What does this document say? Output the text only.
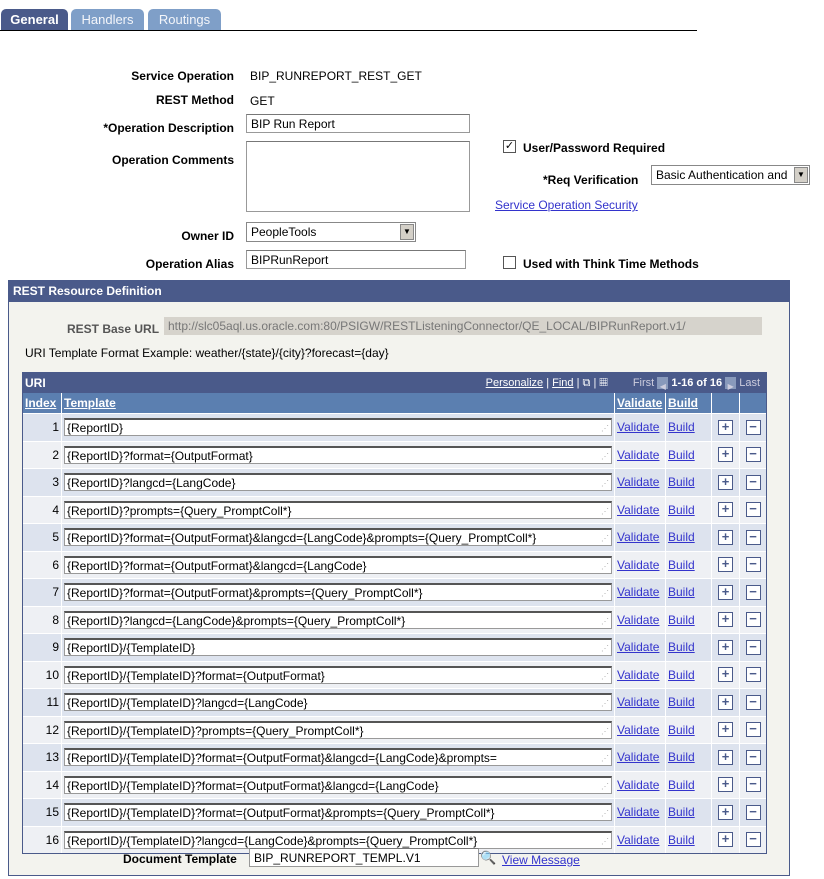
General	Handlers	Routings
Service Operation BIP_RUNREPORT_REST_GET
REST Method GET
*Operation Description	BIP Run Report
Operation Comments
Owner ID	PeopleTools	▼
Operation Alias	BIPRunReport
✓ User/Password Required
*Req Verification	Basic Authentication and	▼
Service Operation Security
Used with Think Time Methods
REST Resource Definition
REST Base URL http://slc05aql.us.oracle.com:80/PSIGW/RESTListeningConnector/QE_LOCAL/BIPRunReport.v1/
URI Template Format Example: weather/{state}/{city}?forecast={day}
URI	Personalize | Find | ⧉ | ▦ First ◀ 1-16 of 16 ▶ Last
Index	Template	Validate	Build		
1	{ReportID} ⋰	Validate	Build	+	−
2	{ReportID}?format={OutputFormat} ⋰	Validate	Build	+	−
3	{ReportID}?langcd={LangCode} ⋰	Validate	Build	+	−
4	{ReportID}?prompts={Query_PromptColl*} ⋰	Validate	Build	+	−
5	{ReportID}?format={OutputFormat}&langcd={LangCode}&prompts={Query_PromptColl*} ⋰	Validate	Build	+	−
6	{ReportID}?format={OutputFormat}&langcd={LangCode} ⋰	Validate	Build	+	−
7	{ReportID}?format={OutputFormat}&prompts={Query_PromptColl*} ⋰	Validate	Build	+	−
8	{ReportID}?langcd={LangCode}&prompts={Query_PromptColl*} ⋰	Validate	Build	+	−
9	{ReportID}/{TemplateID} ⋰	Validate	Build	+	−
10	{ReportID}/{TemplateID}?format={OutputFormat} ⋰	Validate	Build	+	−
11	{ReportID}/{TemplateID}?langcd={LangCode} ⋰	Validate	Build	+	−
12	{ReportID}/{TemplateID}?prompts={Query_PromptColl*} ⋰	Validate	Build	+	−
13	{ReportID}/{TemplateID}?format={OutputFormat}&langcd={LangCode}&prompts= ⋰	Validate	Build	+	−
14	{ReportID}/{TemplateID}?format={OutputFormat}&langcd={LangCode} ⋰	Validate	Build	+	−
15	{ReportID}/{TemplateID}?format={OutputFormat}&prompts={Query_PromptColl*} ⋰	Validate	Build	+	−
16	{ReportID}/{TemplateID}?langcd={LangCode}&prompts={Query_PromptColl*} ⋰	Validate	Build	+	−
Document Template	BIP_RUNREPORT_TEMPL.V1	🔍 View Message
